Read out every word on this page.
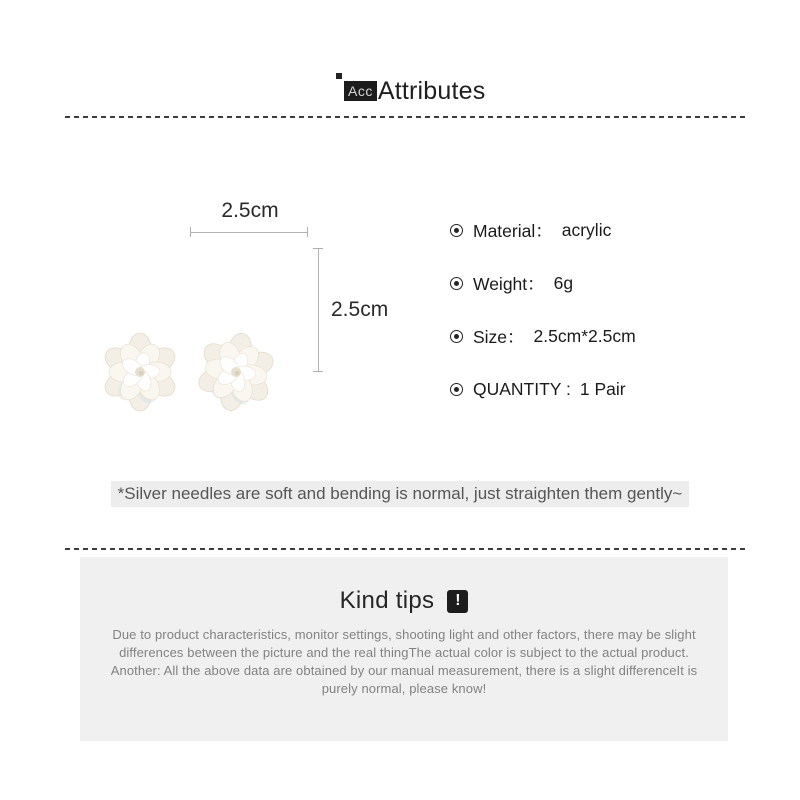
Acc Attributes
2.5cm
2.5cm
Material： acrylic
Weight： 6g
Size： 2.5cm*2.5cm
QUANTITY : 1 Pair
*Silver needles are soft and bending is normal, just straighten them gently~
Kind tips	!
Due to product characteristics, monitor settings, shooting light and other factors, there may be slight
differences between the picture and the real thingThe actual color is subject to the actual product.
Another: All the above data are obtained by our manual measurement, there is a slight differenceIt is
purely normal, please know!
